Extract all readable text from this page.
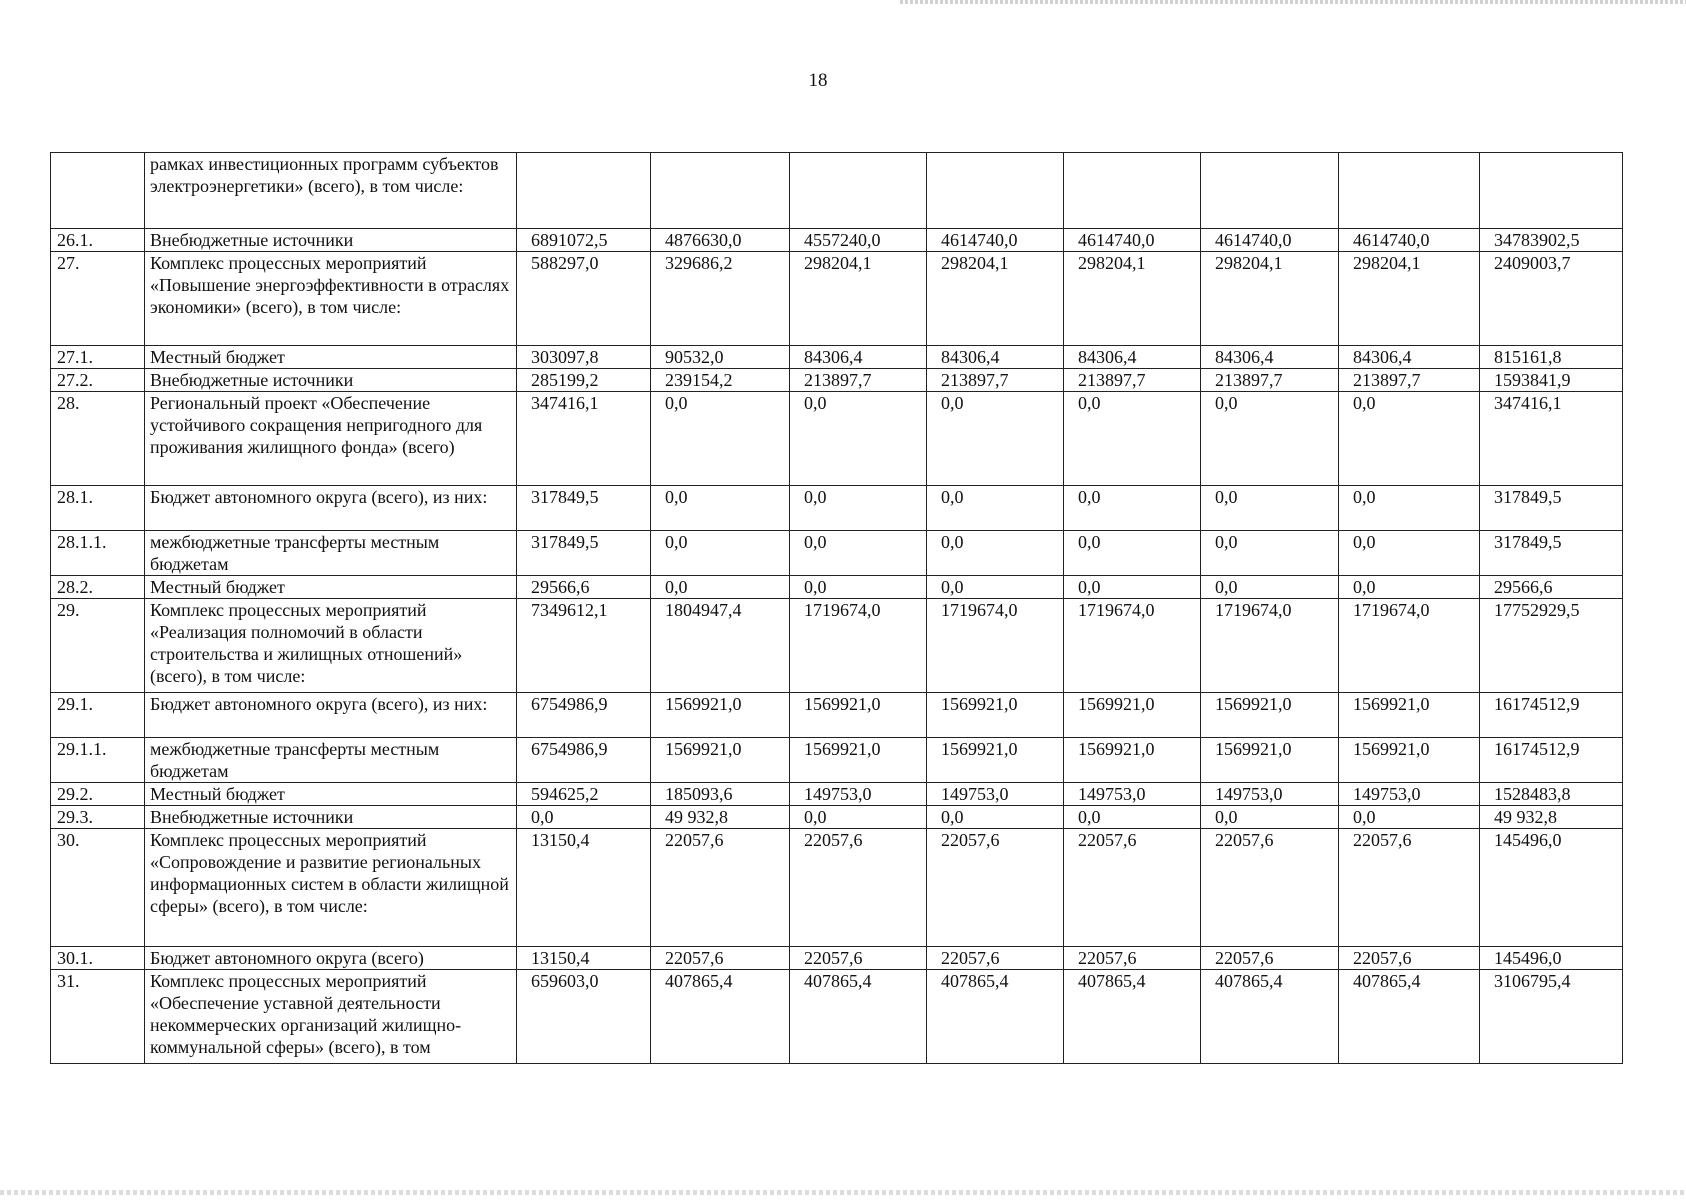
18
	рамках инвестиционных программ субъектов электроэнергетики» (всего), в том числе:								
26.1.	Внебюджетные источники	6891072,5	4876630,0	4557240,0	4614740,0	4614740,0	4614740,0	4614740,0	34783902,5
27.	Комплекс процессных мероприятий «Повышение энергоэффективности в отраслях экономики» (всего), в том числе:	588297,0	329686,2	298204,1	298204,1	298204,1	298204,1	298204,1	2409003,7
27.1.	Местный бюджет	303097,8	90532,0	84306,4	84306,4	84306,4	84306,4	84306,4	815161,8
27.2.	Внебюджетные источники	285199,2	239154,2	213897,7	213897,7	213897,7	213897,7	213897,7	1593841,9
28.	Региональный проект «Обеспечение устойчивого сокращения непригодного для проживания жилищного фонда» (всего)	347416,1	0,0	0,0	0,0	0,0	0,0	0,0	347416,1
28.1.	Бюджет автономного округа (всего), из них:	317849,5	0,0	0,0	0,0	0,0	0,0	0,0	317849,5
28.1.1.	межбюджетные трансферты местным бюджетам	317849,5	0,0	0,0	0,0	0,0	0,0	0,0	317849,5
28.2.	Местный бюджет	29566,6	0,0	0,0	0,0	0,0	0,0	0,0	29566,6
29.	Комплекс процессных мероприятий «Реализация полномочий в области строительства и жилищных отношений» (всего), в том числе:	7349612,1	1804947,4	1719674,0	1719674,0	1719674,0	1719674,0	1719674,0	17752929,5
29.1.	Бюджет автономного округа (всего), из них:	6754986,9	1569921,0	1569921,0	1569921,0	1569921,0	1569921,0	1569921,0	16174512,9
29.1.1.	межбюджетные трансферты местным бюджетам	6754986,9	1569921,0	1569921,0	1569921,0	1569921,0	1569921,0	1569921,0	16174512,9
29.2.	Местный бюджет	594625,2	185093,6	149753,0	149753,0	149753,0	149753,0	149753,0	1528483,8
29.3.	Внебюджетные источники	0,0	49 932,8	0,0	0,0	0,0	0,0	0,0	49 932,8
30.	Комплекс процессных мероприятий «Сопровождение и развитие региональных информационных систем в области жилищной сферы» (всего), в том числе:	13150,4	22057,6	22057,6	22057,6	22057,6	22057,6	22057,6	145496,0
30.1.	Бюджет автономного округа (всего)	13150,4	22057,6	22057,6	22057,6	22057,6	22057,6	22057,6	145496,0
31.	Комплекс процессных мероприятий «Обеспечение уставной деятельности некоммерческих организаций жилищно-коммунальной сферы» (всего), в том	659603,0	407865,4	407865,4	407865,4	407865,4	407865,4	407865,4	3106795,4
